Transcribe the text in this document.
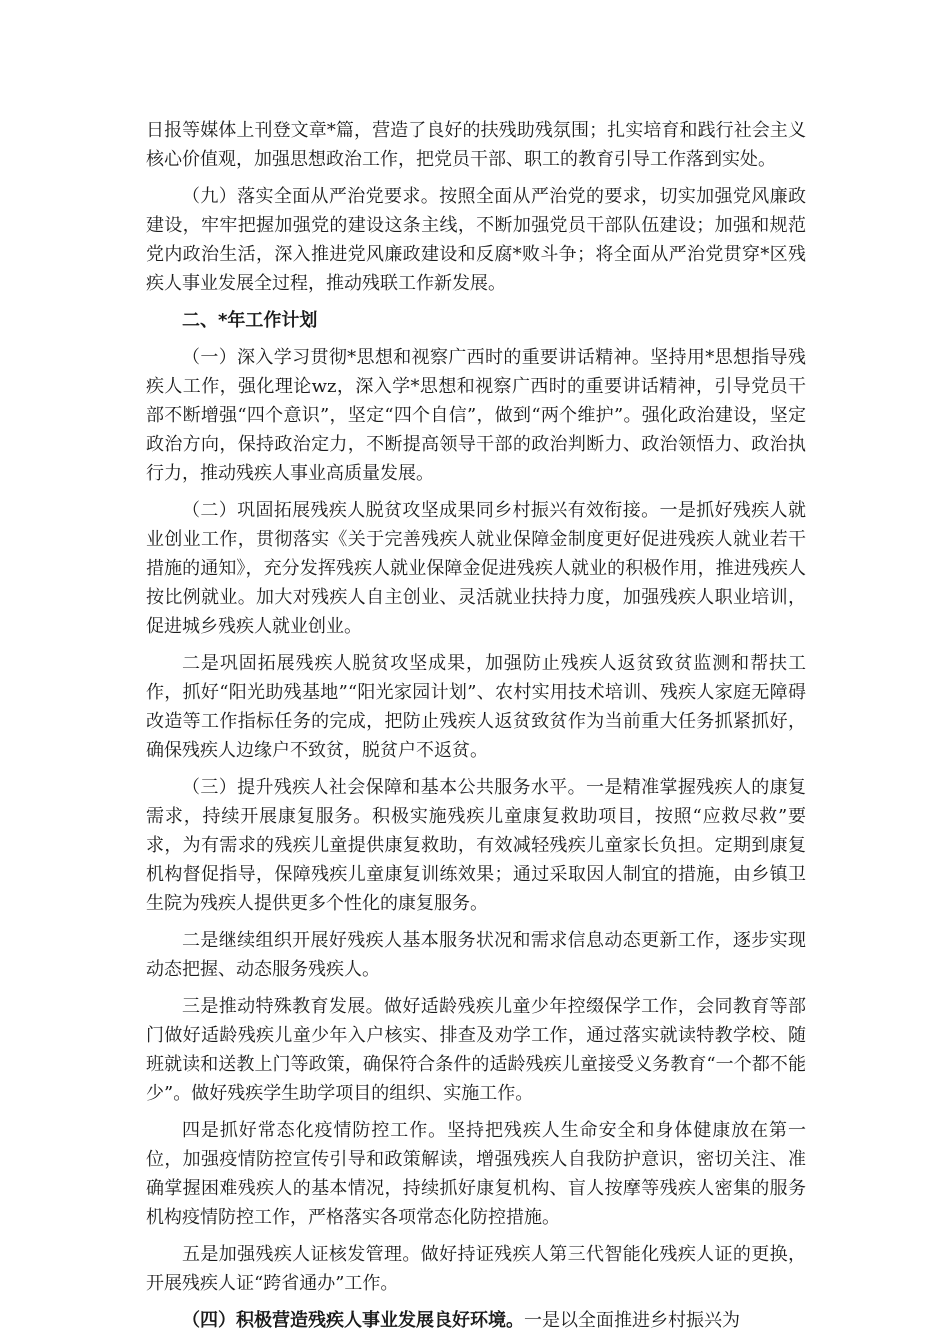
日报等媒体上刊登文章*篇，营造了良好的扶残助残氛围；扎实培育和践行社会主义核心价值观，加强思想政治工作，把党员干部、职工的教育引导工作落到实处。

（九）落实全面从严治党要求。按照全面从严治党的要求，切实加强党风廉政建设，牢牢把握加强党的建设这条主线，不断加强党员干部队伍建设；加强和规范党内政治生活，深入推进党风廉政建设和反腐*败斗争；将全面从严治党贯穿*区残疾人事业发展全过程，推动残联工作新发展。

二、*年工作计划

（一）深入学习贯彻*思想和视察广西时的重要讲话精神。坚持用*思想指导残疾人工作，强化理论wz，深入学*思想和视察广西时的重要讲话精神，引导党员干部不断增强“四个意识”，坚定“四个自信”，做到“两个维护”。强化政治建设，坚定政治方向，保持政治定力，不断提高领导干部的政治判断力、政治领悟力、政治执行力，推动残疾人事业高质量发展。

（二）巩固拓展残疾人脱贫攻坚成果同乡村振兴有效衔接。一是抓好残疾人就业创业工作，贯彻落实《关于完善残疾人就业保障金制度更好促进残疾人就业若干措施的通知》，充分发挥残疾人就业保障金促进残疾人就业的积极作用，推进残疾人按比例就业。加大对残疾人自主创业、灵活就业扶持力度，加强残疾人职业培训，促进城乡残疾人就业创业。

二是巩固拓展残疾人脱贫攻坚成果，加强防止残疾人返贫致贫监测和帮扶工作，抓好“阳光助残基地”“阳光家园计划”、农村实用技术培训、残疾人家庭无障碍改造等工作指标任务的完成，把防止残疾人返贫致贫作为当前重大任务抓紧抓好，确保残疾人边缘户不致贫，脱贫户不返贫。

（三）提升残疾人社会保障和基本公共服务水平。一是精准掌握残疾人的康复需求，持续开展康复服务。积极实施残疾儿童康复救助项目，按照“应救尽救”要求，为有需求的残疾儿童提供康复救助，有效减轻残疾儿童家长负担。定期到康复机构督促指导，保障残疾儿童康复训练效果；通过采取因人制宜的措施，由乡镇卫生院为残疾人提供更多个性化的康复服务。

二是继续组织开展好残疾人基本服务状况和需求信息动态更新工作，逐步实现动态把握、动态服务残疾人。

三是推动特殊教育发展。做好适龄残疾儿童少年控缀保学工作，会同教育等部门做好适龄残疾儿童少年入户核实、排查及劝学工作，通过落实就读特教学校、随班就读和送教上门等政策，确保符合条件的适龄残疾儿童接受义务教育“一个都不能少”。做好残疾学生助学项目的组织、实施工作。

四是抓好常态化疫情防控工作。坚持把残疾人生命安全和身体健康放在第一位，加强疫情防控宣传引导和政策解读，增强残疾人自我防护意识，密切关注、准确掌握困难残疾人的基本情况，持续抓好康复机构、盲人按摩等残疾人密集的服务机构疫情防控工作，严格落实各项常态化防控措施。

五是加强残疾人证核发管理。做好持证残疾人第三代智能化残疾人证的更换，开展残疾人证“跨省通办”工作。

（四）积极营造残疾人事业发展良好环境。一是以全面推进乡村振兴为
